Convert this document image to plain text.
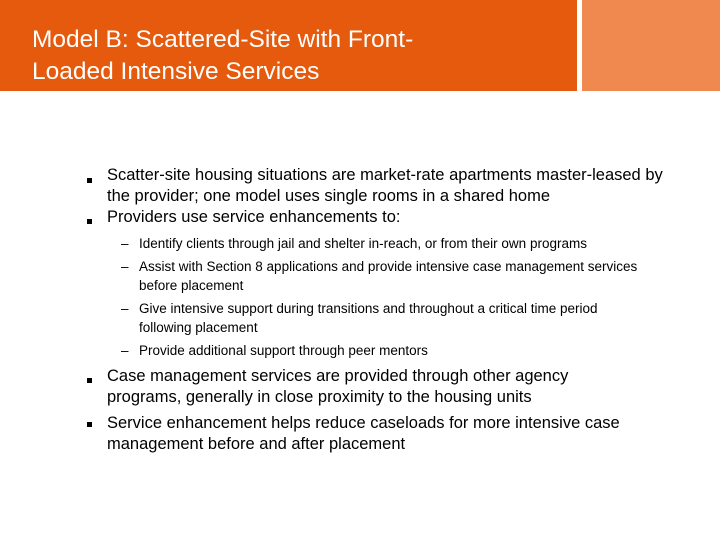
Model B: Scattered-Site with Front-
Loaded Intensive Services
Scatter-site housing situations are market-rate apartments master-leased by the provider; one model uses single rooms in a shared home
Providers use service enhancements to:
– Identify clients through jail and shelter in-reach, or from their own programs
– Assist with Section 8 applications and provide intensive case management services before placement
– Give intensive support during transitions and throughout a critical time period following placement
– Provide additional support through peer mentors
Case management services are provided through other agency programs, generally in close proximity to the housing units
Service enhancement helps reduce caseloads for more intensive case management before and after placement
